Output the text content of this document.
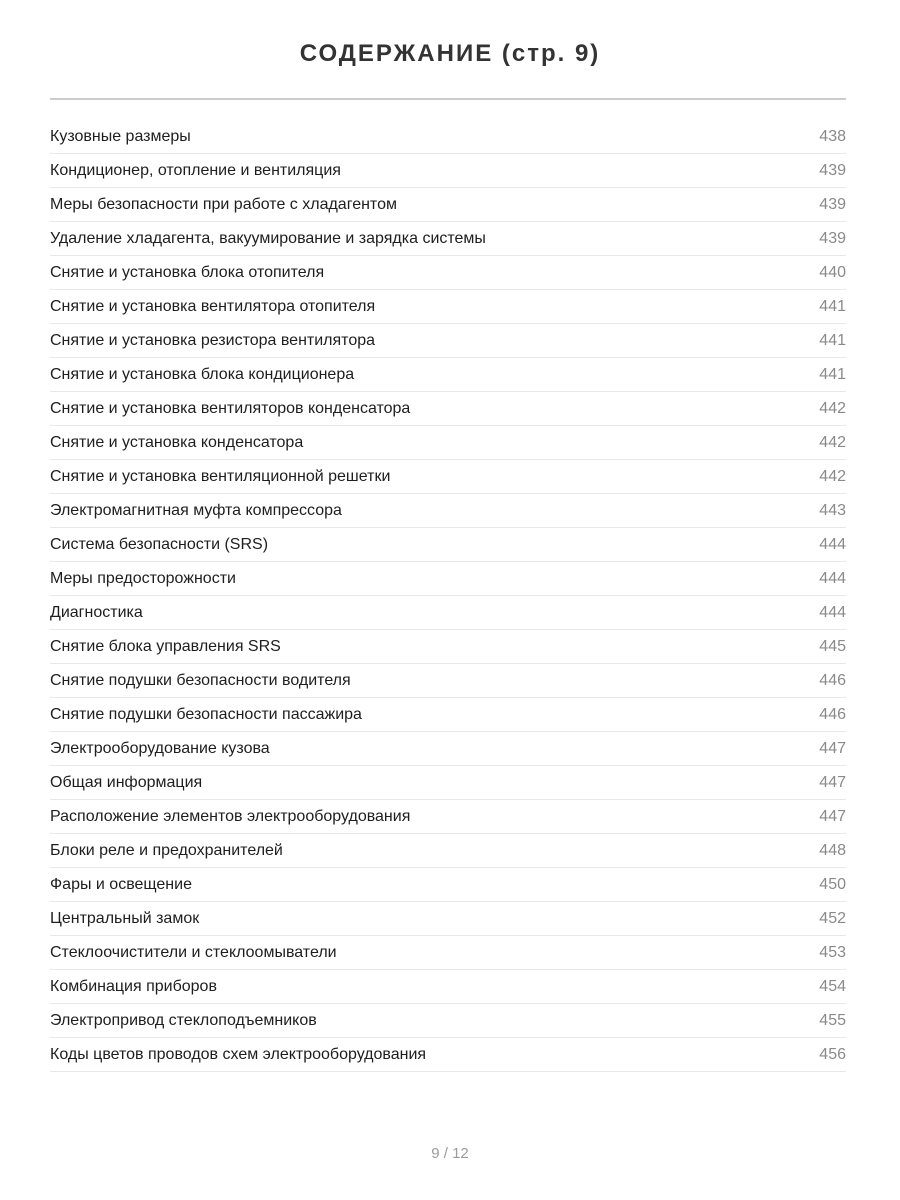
СОДЕРЖАНИЕ (стр. 9)
Кузовные размеры	438
Кондиционер, отопление и вентиляция	439
Меры безопасности при работе с хладагентом	439
Удаление хладагента, вакуумирование и зарядка системы	439
Снятие и установка блока отопителя	440
Снятие и установка вентилятора отопителя	441
Снятие и установка резистора вентилятора	441
Снятие и установка блока кондиционера	441
Снятие и установка вентиляторов конденсатора	442
Снятие и установка конденсатора	442
Снятие и установка вентиляционной решетки	442
Электромагнитная муфта компрессора	443
Система безопасности (SRS)	444
Меры предосторожности	444
Диагностика	444
Снятие блока управления SRS	445
Снятие подушки безопасности водителя	446
Снятие подушки безопасности пассажира	446
Электрооборудование кузова	447
Общая информация	447
Расположение элементов электрооборудования	447
Блоки реле и предохранителей	448
Фары и освещение	450
Центральный замок	452
Стеклоочистители и стеклоомыватели	453
Комбинация приборов	454
Электропривод стеклоподъемников	455
Коды цветов проводов схем электрооборудования	456
9 / 12
